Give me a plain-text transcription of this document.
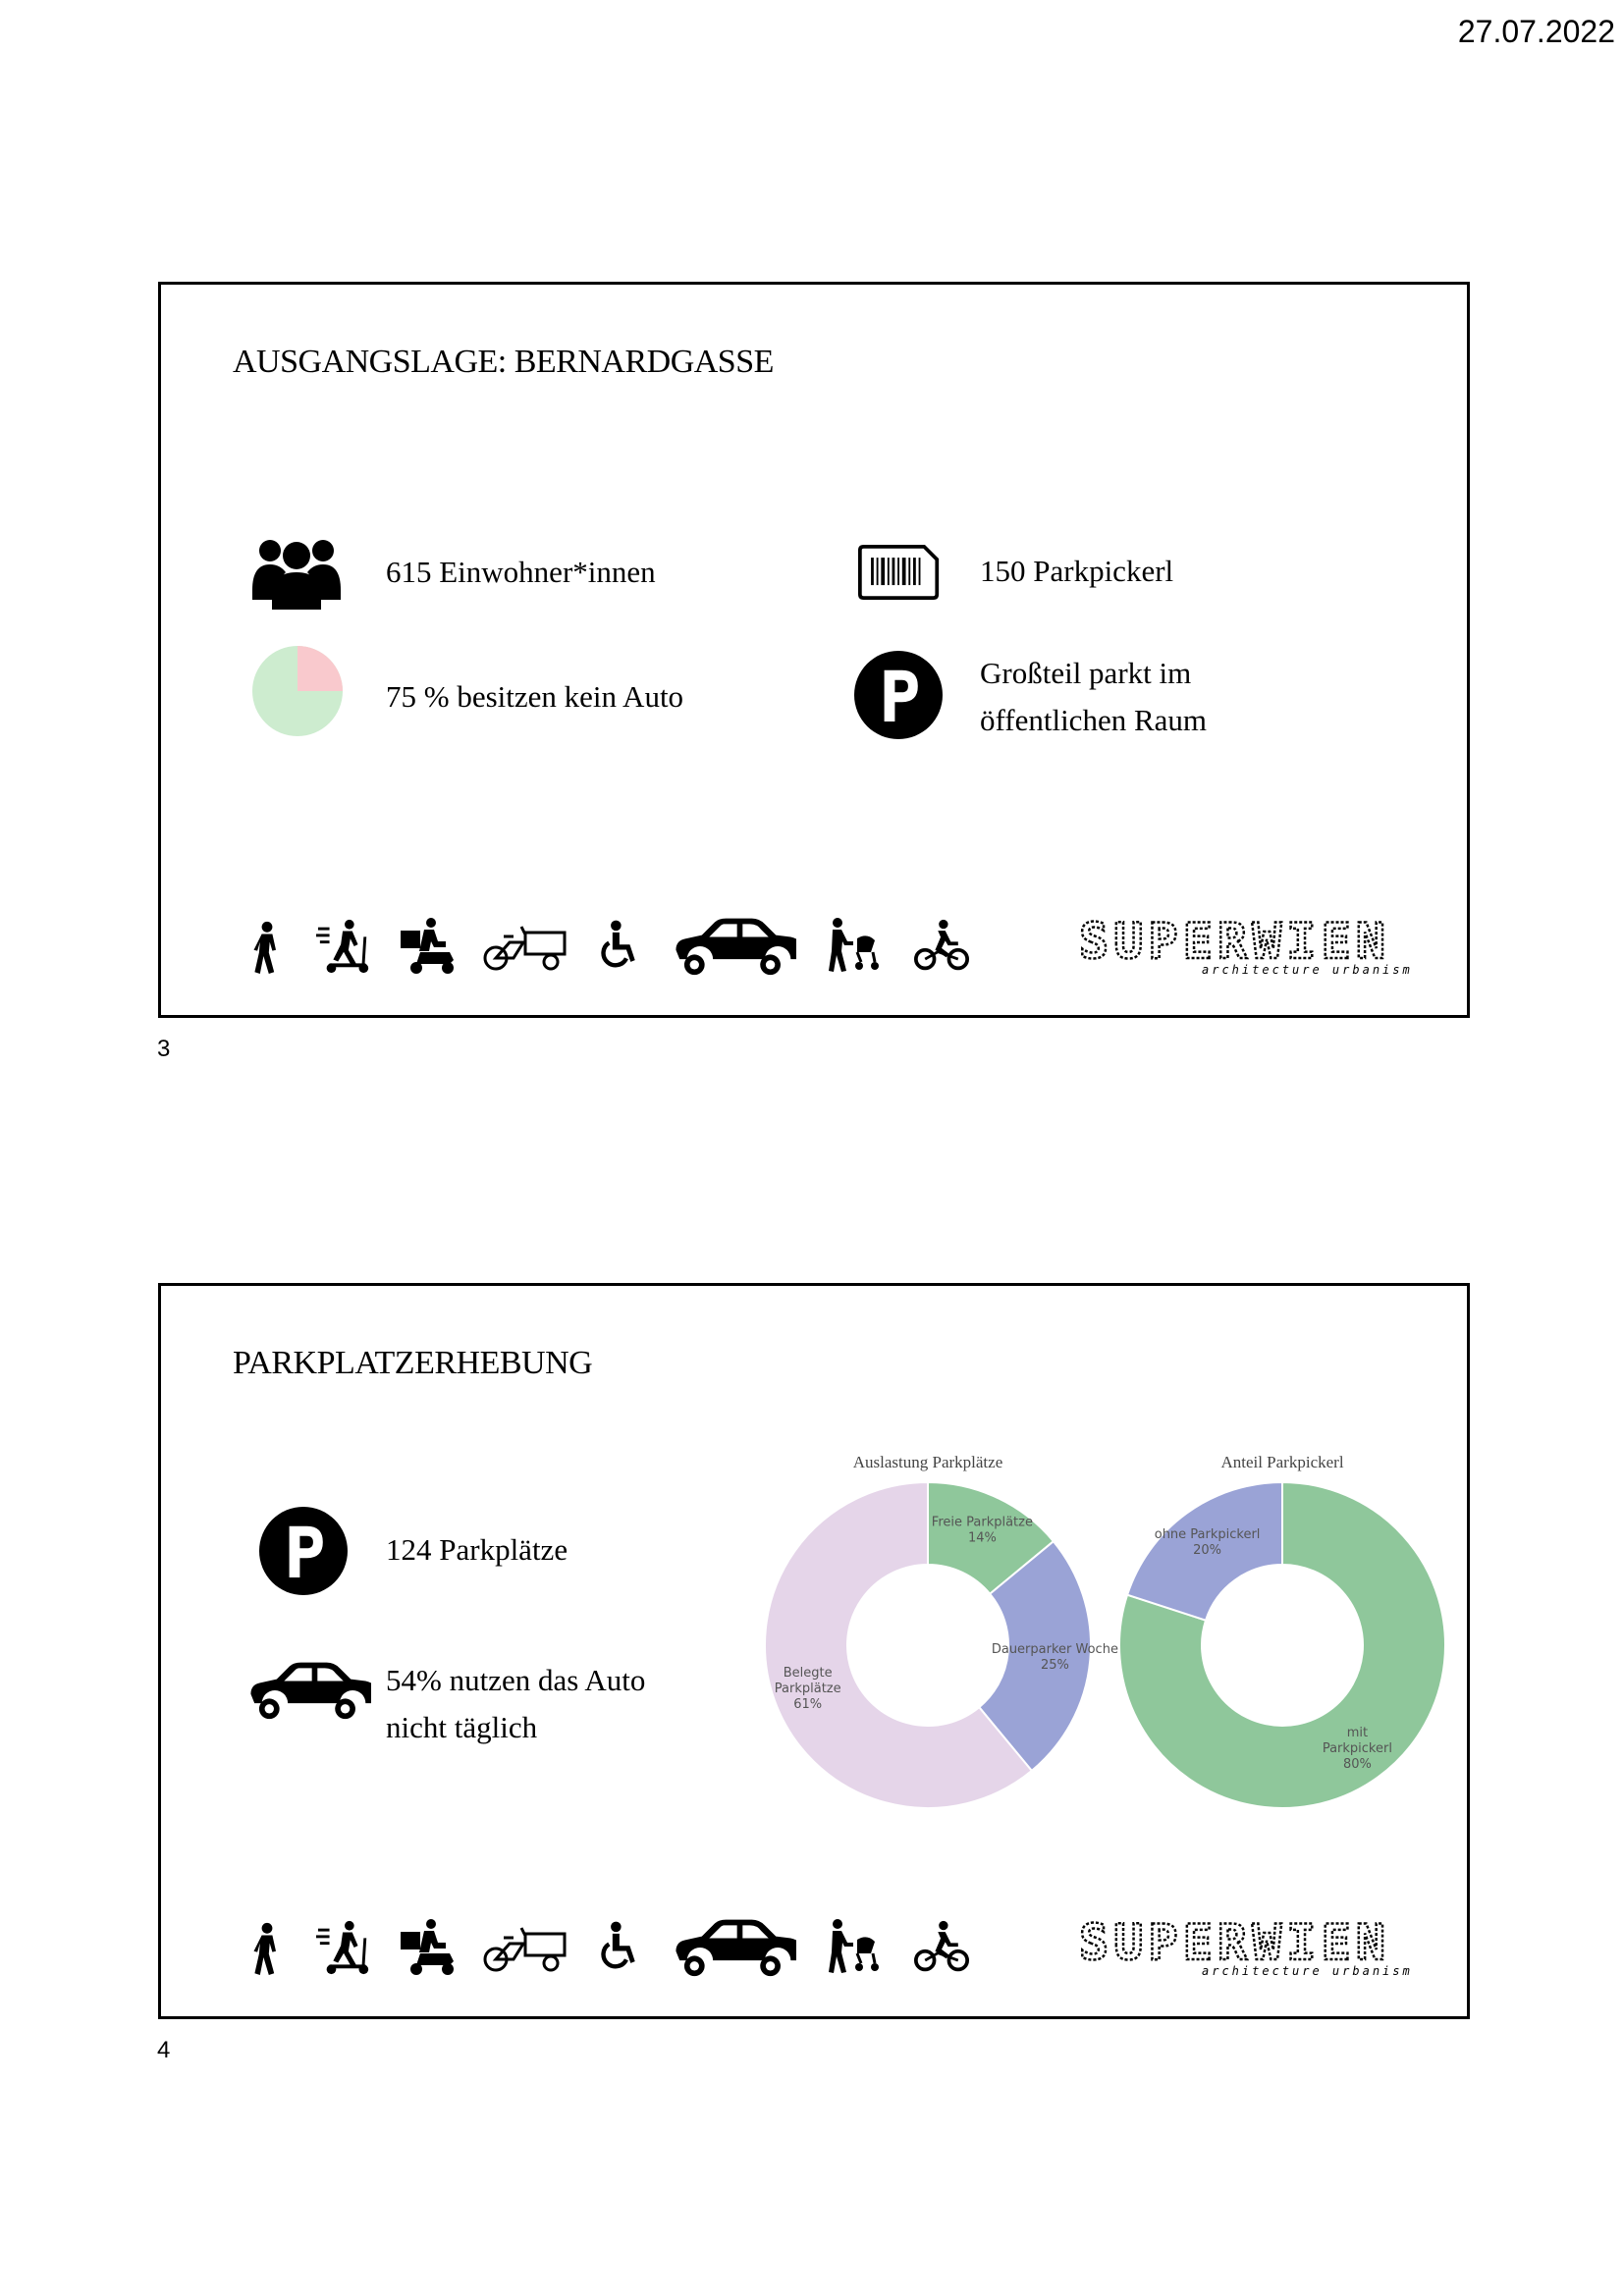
27.07.2022
AUSGANGSLAGE: BERNARDGASSE
615 Einwohner*innen	150 Parkpickerl
75 % besitzen kein Auto
Großteil parkt im
öffentlichen Raum
SUPERWIEN
architecture urbanism
3
PARKPLATZERHEBUNG
124 Parkplätze
54% nutzen das Auto
nicht täglich
Auslastung Parkplätze
Freie Parkplätze 14%
Dauerparker Woche 25%
Belegte Parkplätze 61%
Anteil Parkpickerl
mit Parkpickerl 80%
ohne Parkpickerl 20%
SUPERWIEN
architecture urbanism
4
